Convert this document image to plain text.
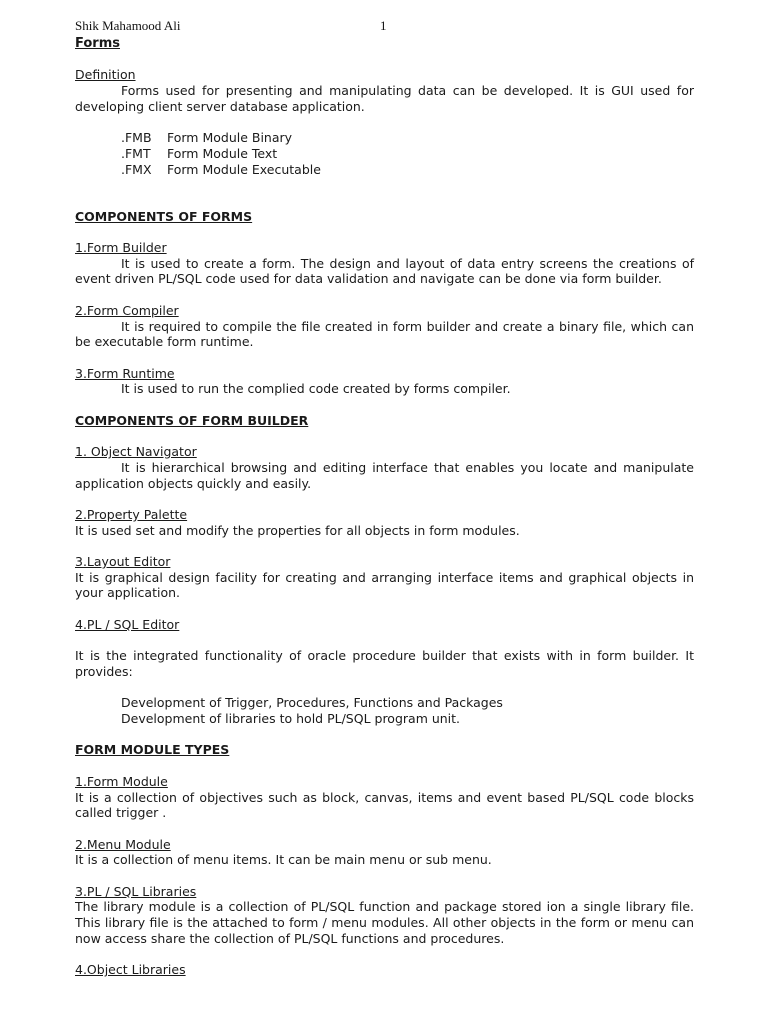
Shik Mahamood Ali	1

Forms

Definition

Forms used for presenting and manipulating data can be developed. It is GUI used for developing client server database application.

.FMB	Form Module Binary
.FMT	Form Module Text
.FMX	Form Module Executable

COMPONENTS OF FORMS

1.Form Builder

It is used to create a form. The design and layout of data entry screens the creations of event driven PL/SQL code used for data validation and navigate can be done via form builder.

2.Form Compiler

It is required to compile the file created in form builder and create a binary file, which can be executable form runtime.

3.Form Runtime

It is used to run the complied code created by forms compiler.

COMPONENTS OF FORM BUILDER

1. Object Navigator

It is hierarchical browsing and editing interface that enables you locate and manipulate application objects quickly and easily.

2.Property Palette

It is used set and modify the properties for all objects in form modules.

3.Layout Editor

It is graphical design facility for creating and arranging interface items and graphical objects in your application.

4.PL / SQL Editor

It is the integrated functionality of oracle procedure builder that exists with in form builder. It provides:

Development of Trigger, Procedures, Functions and Packages

Development of libraries to hold PL/SQL program unit.

FORM MODULE TYPES

1.Form Module

It is a collection of objectives such as block, canvas, items and event based PL/SQL code blocks called trigger .

2.Menu Module

It is a collection of menu items. It can be main menu or sub menu.

3.PL / SQL Libraries

The library module is a collection of PL/SQL function and package stored ion a single library file. This library file is the attached to form / menu modules. All other objects in the form or menu can now access share the collection of PL/SQL functions and procedures.

4.Object Libraries
